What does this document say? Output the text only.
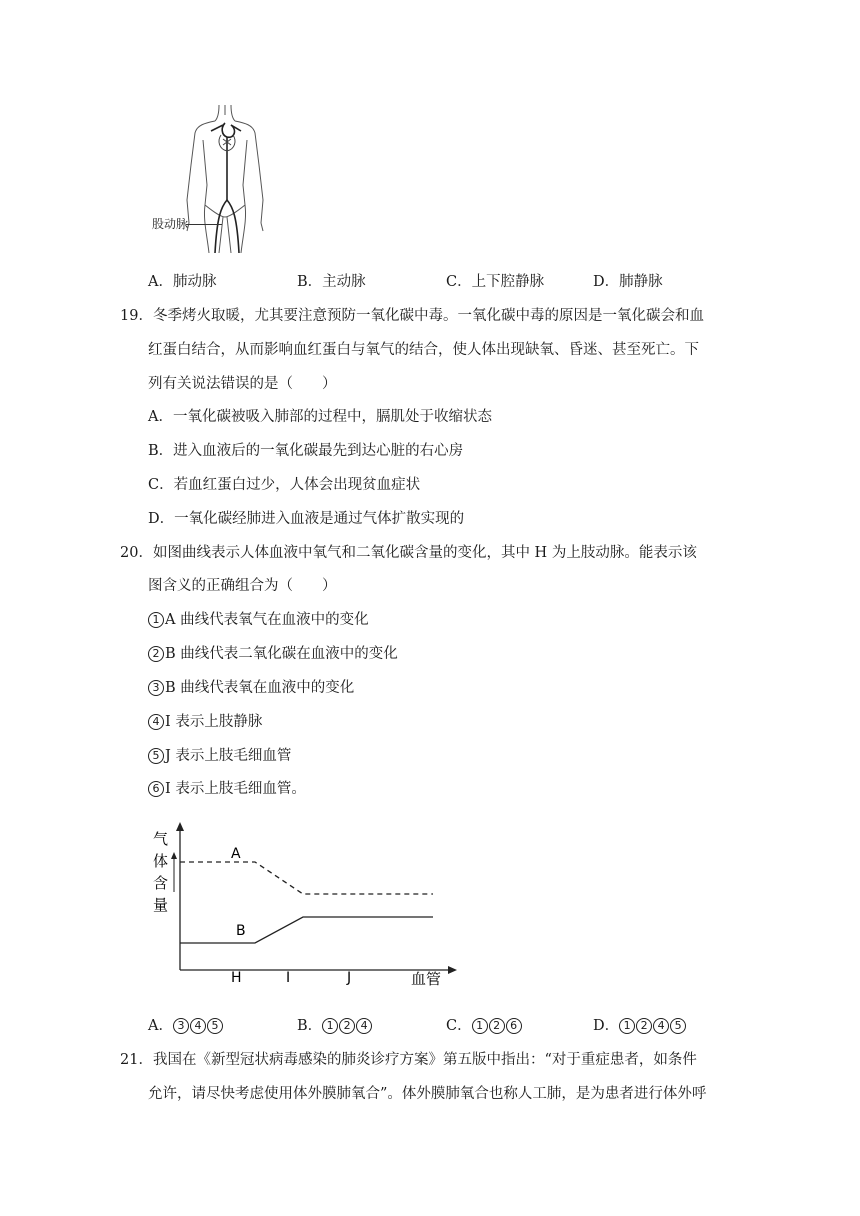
股动脉
A．肺动脉	B．主动脉	C．上下腔静脉	D．肺静脉
19．冬季烤火取暖，尤其要注意预防一氧化碳中毒。一氧化碳中毒的原因是一氧化碳会和血
红蛋白结合，从而影响血红蛋白与氧气的结合，使人体出现缺氧、昏迷、甚至死亡。下
列有关说法错误的是（　　）
A．一氧化碳被吸入肺部的过程中，膈肌处于收缩状态
B．进入血液后的一氧化碳最先到达心脏的右心房
C．若血红蛋白过少，人体会出现贫血症状
D．一氧化碳经肺进入血液是通过气体扩散实现的
20．如图曲线表示人体血液中氧气和二氧化碳含量的变化，其中 H 为上肢动脉。能表示该
图含义的正确组合为（　　）
1 A 曲线代表氧气在血液中的变化
2 B 曲线代表二氧化碳在血液中的变化
3 B 曲线代表氧在血液中的变化
4 I 表示上肢静脉
5 J 表示上肢毛细血管
6 I 表示上肢毛细血管。
气
体
含
量
A
B
H	I	J	血管
A． 3 4 5	B． 1 2 4	C． 1 2 6	D． 1 2 4 5
21．我国在《新型冠状病毒感染的肺炎诊疗方案》第五版中指出：“对于重症患者，如条件
允许，请尽快考虑使用体外膜肺氧合”。体外膜肺氧合也称人工肺，是为患者进行体外呼
